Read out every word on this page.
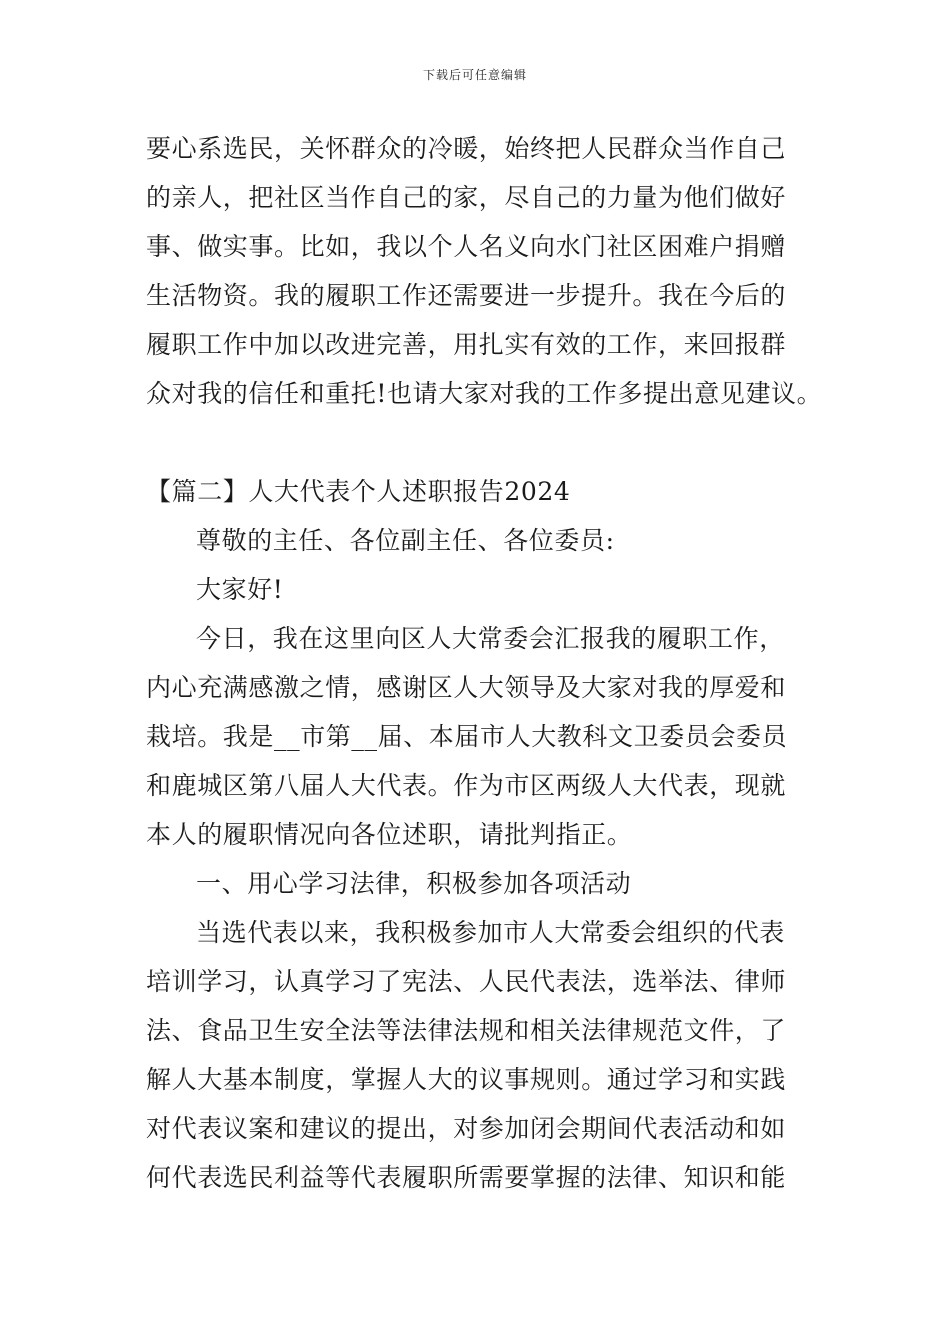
下载后可任意编辑
要心系选民，关怀群众的冷暖，始终把人民群众当作自己
的亲人，把社区当作自己的家，尽自己的力量为他们做好
事、做实事。比如，我以个人名义向水门社区困难户捐赠
生活物资。我的履职工作还需要进一步提升。我在今后的
履职工作中加以改进完善，用扎实有效的工作，来回报群
众对我的信任和重托!也请大家对我的工作多提出意见建议。
【篇二】人大代表个人述职报告2024
尊敬的主任、各位副主任、各位委员:
大家好!
今日，我在这里向区人大常委会汇报我的履职工作，
内心充满感激之情，感谢区人大领导及大家对我的厚爱和
栽培。我是__市第__届、本届市人大教科文卫委员会委员
和鹿城区第八届人大代表。作为市区两级人大代表，现就
本人的履职情况向各位述职，请批判指正。
一、用心学习法律，积极参加各项活动
当选代表以来，我积极参加市人大常委会组织的代表
培训学习，认真学习了宪法、人民代表法，选举法、律师
法、食品卫生安全法等法律法规和相关法律规范文件，了
解人大基本制度，掌握人大的议事规则。通过学习和实践
对代表议案和建议的提出，对参加闭会期间代表活动和如
何代表选民利益等代表履职所需要掌握的法律、知识和能
